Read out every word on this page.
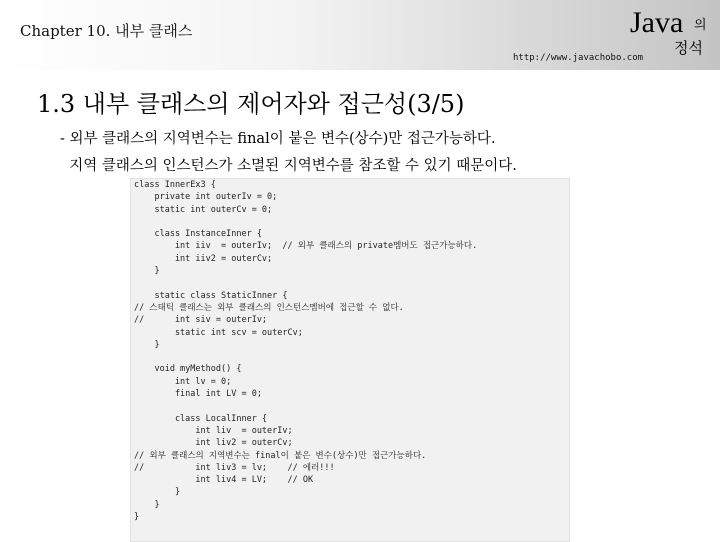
Chapter 10. 내부 클래스	Java 의
정석
http://www.javachobo.com
1.3 내부 클래스의 제어자와 접근성(3/5)
- 외부 클래스의 지역변수는 final이 붙은 변수(상수)만 접근가능하다.
지역 클래스의 인스턴스가 소멸된 지역변수를 참조할 수 있기 때문이다.
class InnerEx3 {
private int outerIv = 0;
static int outerCv = 0;

class InstanceInner {
int iiv  = outerIv;  // 외부 클래스의 private멤버도 접근가능하다.
int iiv2 = outerCv;
}

static class StaticInner {
// 스태틱 클래스는 외부 클래스의 인스턴스멤버에 접근할 수 없다.
//      int siv = outerIv;
static int scv = outerCv;
}

void myMethod() {
int lv = 0;
final int LV = 0;

class LocalInner {
int liv  = outerIv;
int liv2 = outerCv;
// 외부 클래스의 지역변수는 final이 붙은 변수(상수)만 접근가능하다.
//          int liv3 = lv;    // 에러!!!
int liv4 = LV;    // OK
}
}
}
